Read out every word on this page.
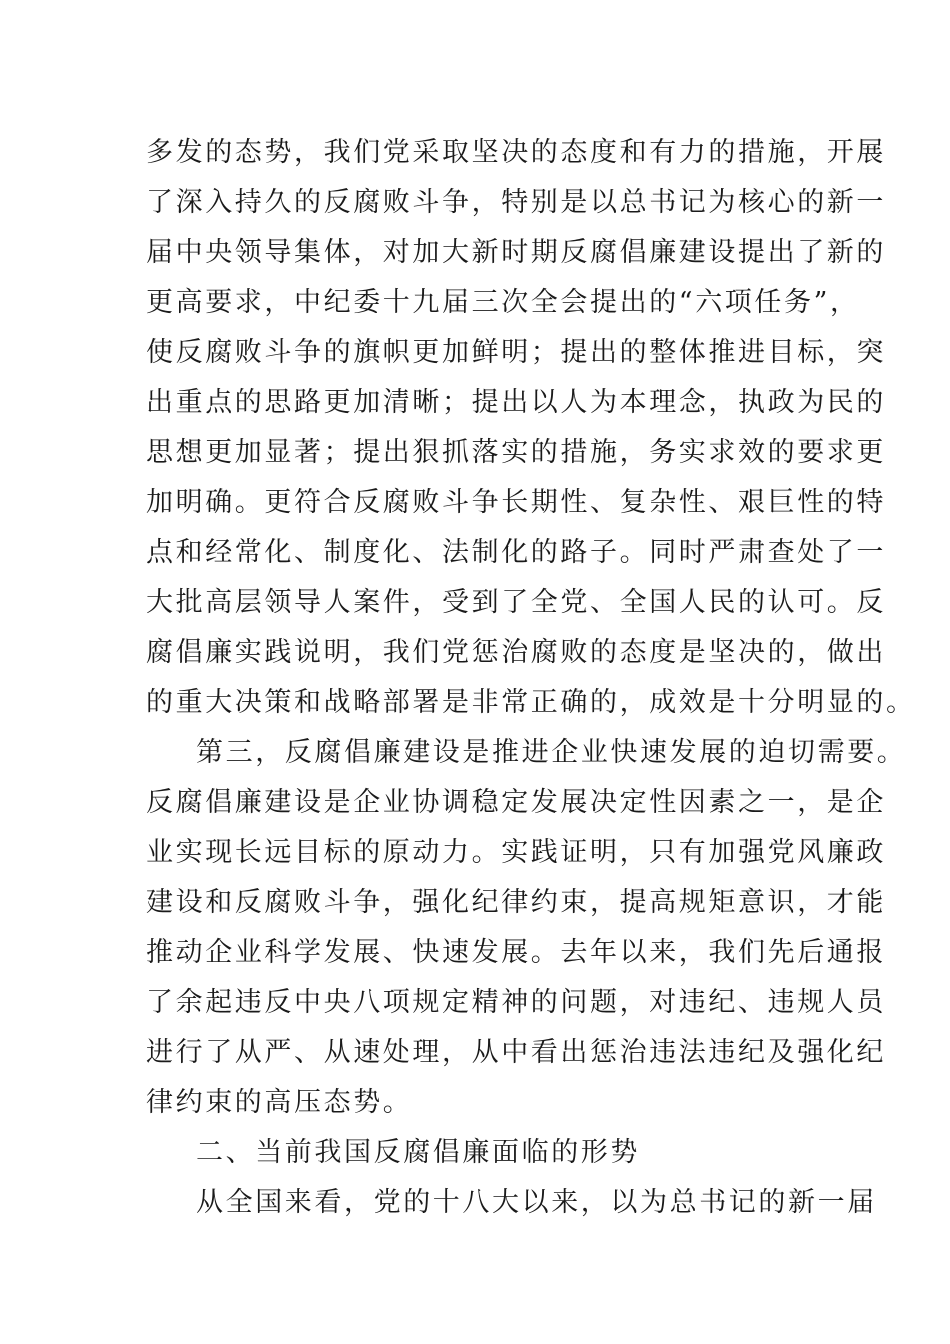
多发的态势，我们党采取坚决的态度和有力的措施，开展
了深入持久的反腐败斗争，特别是以总书记为核心的新一
届中央领导集体，对加大新时期反腐倡廉建设提出了新的
更高要求，中纪委十九届三次全会提出的“六项任务”，
使反腐败斗争的旗帜更加鲜明；提出的整体推进目标，突
出重点的思路更加清晰；提出以人为本理念，执政为民的
思想更加显著；提出狠抓落实的措施，务实求效的要求更
加明确。更符合反腐败斗争长期性、复杂性、艰巨性的特
点和经常化、制度化、法制化的路子。同时严肃查处了一
大批高层领导人案件，受到了全党、全国人民的认可。反
腐倡廉实践说明，我们党惩治腐败的态度是坚决的，做出
的重大决策和战略部署是非常正确的，成效是十分明显的。
第三，反腐倡廉建设是推进企业快速发展的迫切需要。
反腐倡廉建设是企业协调稳定发展决定性因素之一，是企
业实现长远目标的原动力。实践证明，只有加强党风廉政
建设和反腐败斗争，强化纪律约束，提高规矩意识，才能
推动企业科学发展、快速发展。去年以来，我们先后通报
了余起违反中央八项规定精神的问题，对违纪、违规人员
进行了从严、从速处理，从中看出惩治违法违纪及强化纪
律约束的高压态势。
二、当前我国反腐倡廉面临的形势
从全国来看，党的十八大以来，以为总书记的新一届
